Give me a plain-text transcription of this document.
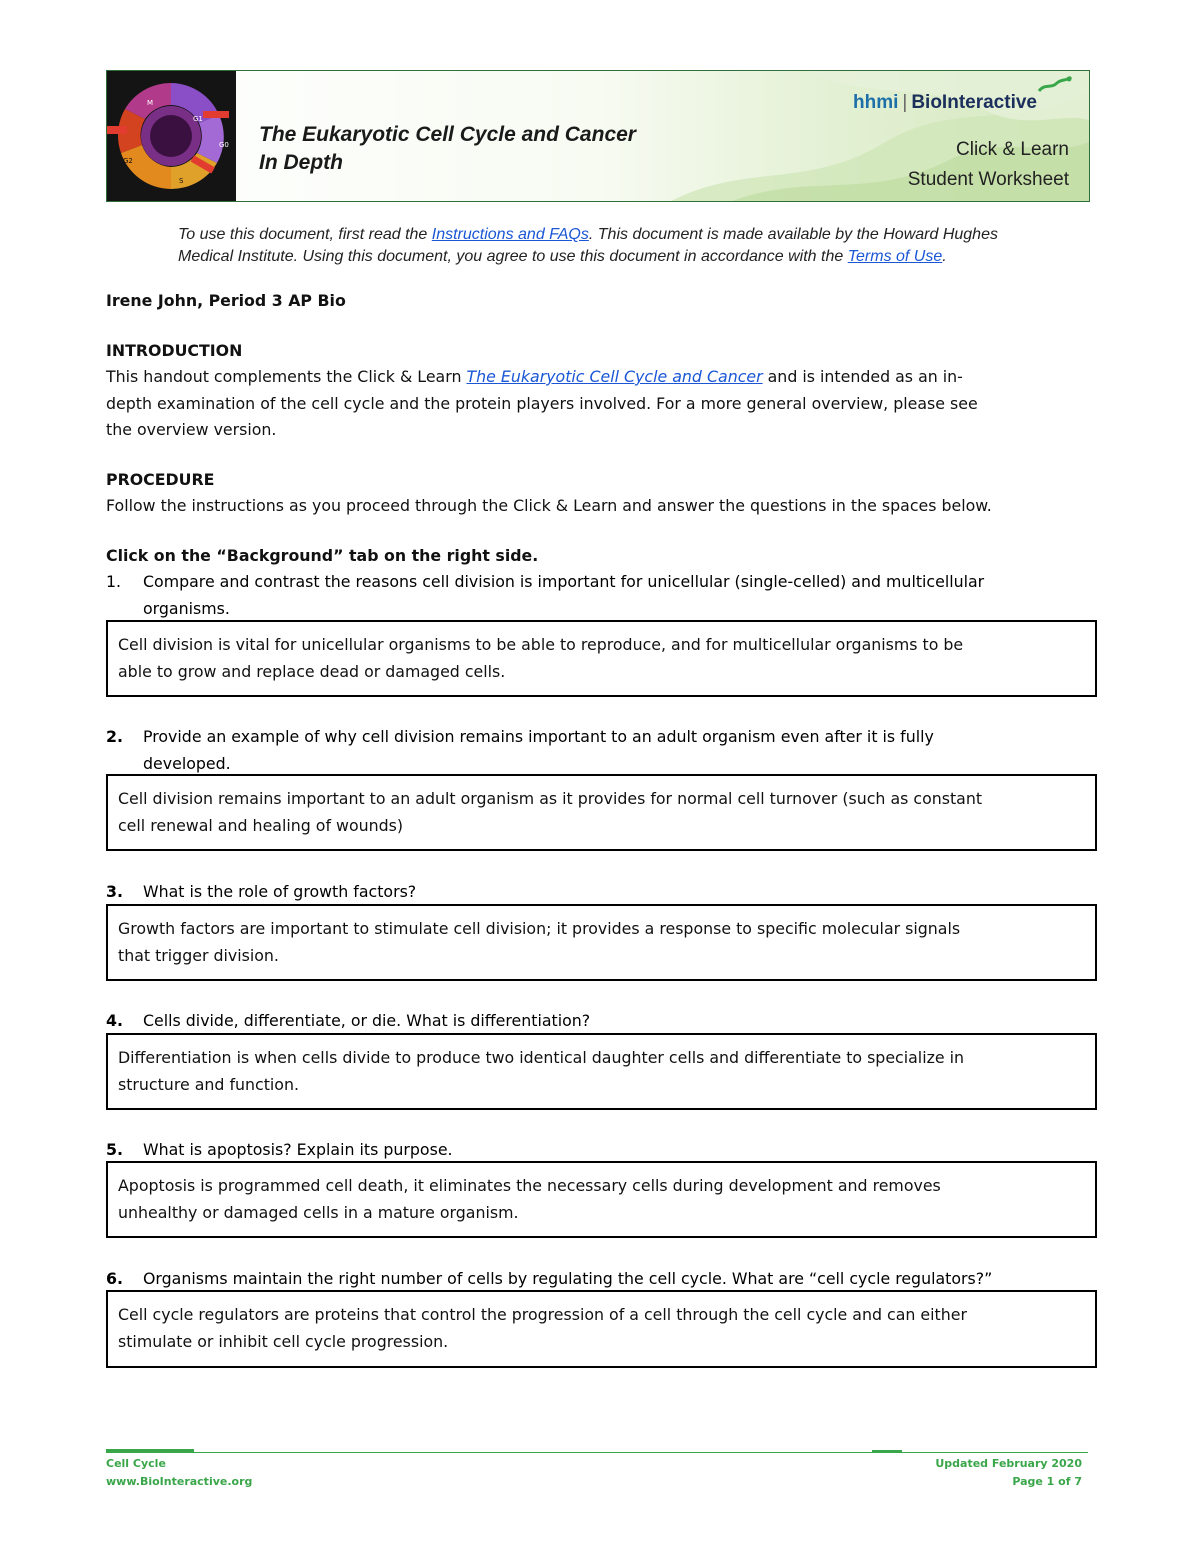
M
G1
G0
S
G2
The Eukaryotic Cell Cycle and Cancer
In Depth
hhmi | BioInteractive
Click & Learn
Student Worksheet
To use this document, first read the Instructions and FAQs. This document is made available by the Howard Hughes
Medical Institute. Using this document, you agree to use this document in accordance with the Terms of Use.
Irene John, Period 3 AP Bio
INTRODUCTION
This handout complements the Click & Learn The Eukaryotic Cell Cycle and Cancer and is intended as an in-
depth examination of the cell cycle and the protein players involved. For a more general overview, please see
the overview version.
PROCEDURE
Follow the instructions as you proceed through the Click & Learn and answer the questions in the spaces below.
Click on the “Background” tab on the right side.
1. Compare and contrast the reasons cell division is important for unicellular (single-celled) and multicellular
organisms.
Cell division is vital for unicellular organisms to be able to reproduce, and for multicellular organisms to be
able to grow and replace dead or damaged cells.
2. Provide an example of why cell division remains important to an adult organism even after it is fully
developed.
Cell division remains important to an adult organism as it provides for normal cell turnover (such as constant
cell renewal and healing of wounds)
3. What is the role of growth factors?
Growth factors are important to stimulate cell division; it provides a response to specific molecular signals
that trigger division.
4. Cells divide, differentiate, or die. What is differentiation?
Differentiation is when cells divide to produce two identical daughter cells and differentiate to specialize in
structure and function.
5. What is apoptosis? Explain its purpose.
Apoptosis is programmed cell death, it eliminates the necessary cells during development and removes
unhealthy or damaged cells in a mature organism.
6. Organisms maintain the right number of cells by regulating the cell cycle. What are “cell cycle regulators?”
Cell cycle regulators are proteins that control the progression of a cell through the cell cycle and can either
stimulate or inhibit cell cycle progression.
Cell Cycle
www.BioInteractive.org
Updated February 2020
Page 1 of 7
